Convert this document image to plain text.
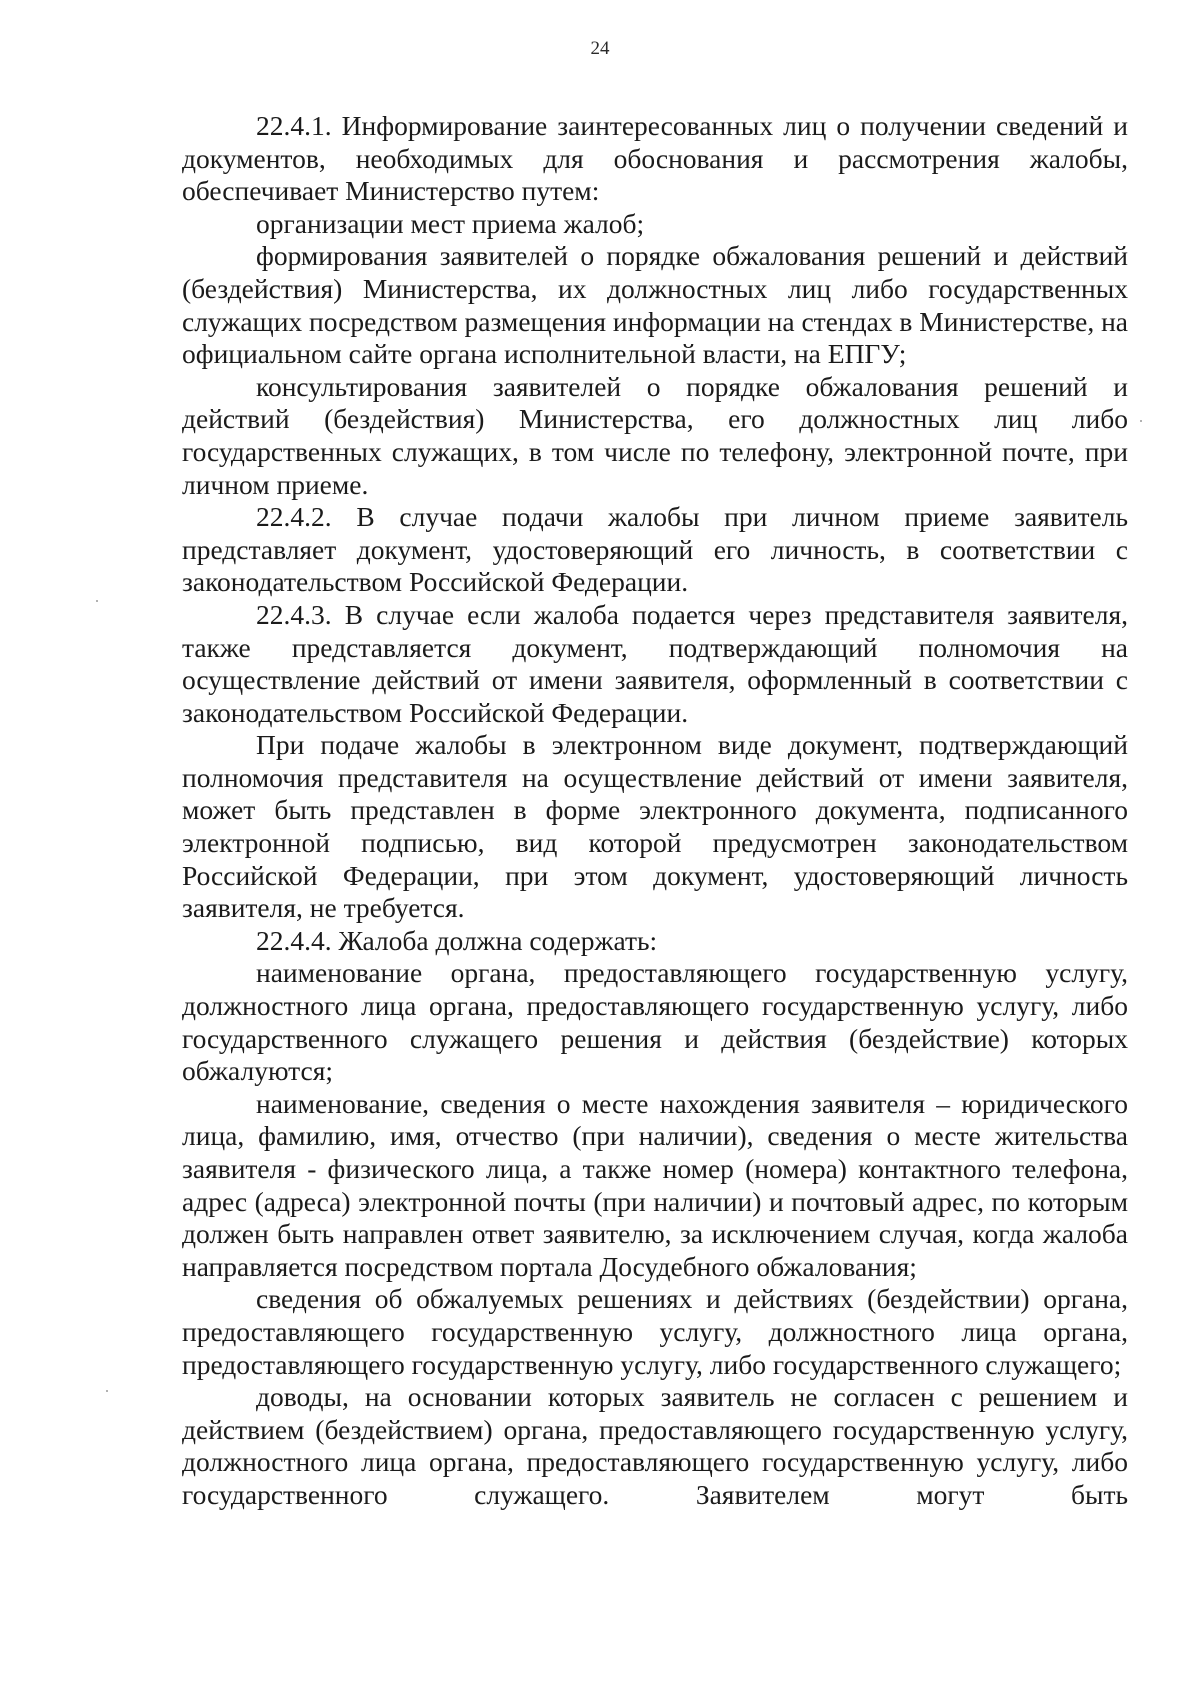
24

22.4.1. Информирование заинтересованных лиц о получении сведений и документов, необходимых для обоснования и рассмотрения жалобы, обеспечивает Министерство путем:

организации мест приема жалоб;

формирования заявителей о порядке обжалования решений и действий (бездействия) Министерства, их должностных лиц либо государственных служащих посредством размещения информации на стендах в Министерстве, на официальном сайте органа исполнительной власти, на ЕПГУ;

консультирования заявителей о порядке обжалования решений и действий (бездействия) Министерства, его должностных лиц либо государственных служащих, в том числе по телефону, электронной почте, при личном приеме.

22.4.2. В случае подачи жалобы при личном приеме заявитель представляет документ, удостоверяющий его личность, в соответствии с законодательством Российской Федерации.

22.4.3. В случае если жалоба подается через представителя заявителя, также представляется документ, подтверждающий полномочия на осуществление действий от имени заявителя, оформленный в соответствии с законодательством Российской Федерации.

При подаче жалобы в электронном виде документ, подтверждающий полномочия представителя на осуществление действий от имени заявителя, может быть представлен в форме электронного документа, подписанного электронной подписью, вид которой предусмотрен законодательством Российской Федерации, при этом документ, удостоверяющий личность заявителя, не требуется.

22.4.4. Жалоба должна содержать:

наименование органа, предоставляющего государственную услугу, должностного лица органа, предоставляющего государственную услугу, либо государственного служащего решения и действия (бездействие) которых обжалуются;

наименование, сведения о месте нахождения заявителя – юридического лица, фамилию, имя, отчество (при наличии), сведения о месте жительства заявителя - физического лица, а также номер (номера) контактного телефона, адрес (адреса) электронной почты (при наличии) и почтовый адрес, по которым должен быть направлен ответ заявителю, за исключением случая, когда жалоба направляется посредством портала Досудебного обжалования;

сведения об обжалуемых решениях и действиях (бездействии) органа, предоставляющего государственную услугу, должностного лица органа, предоставляющего государственную услугу, либо государственного служащего;

доводы, на основании которых заявитель не согласен с решением и действием (бездействием) органа, предоставляющего государственную услугу, должностного лица органа, предоставляющего государственную услугу, либо государственного служащего. Заявителем могут быть
